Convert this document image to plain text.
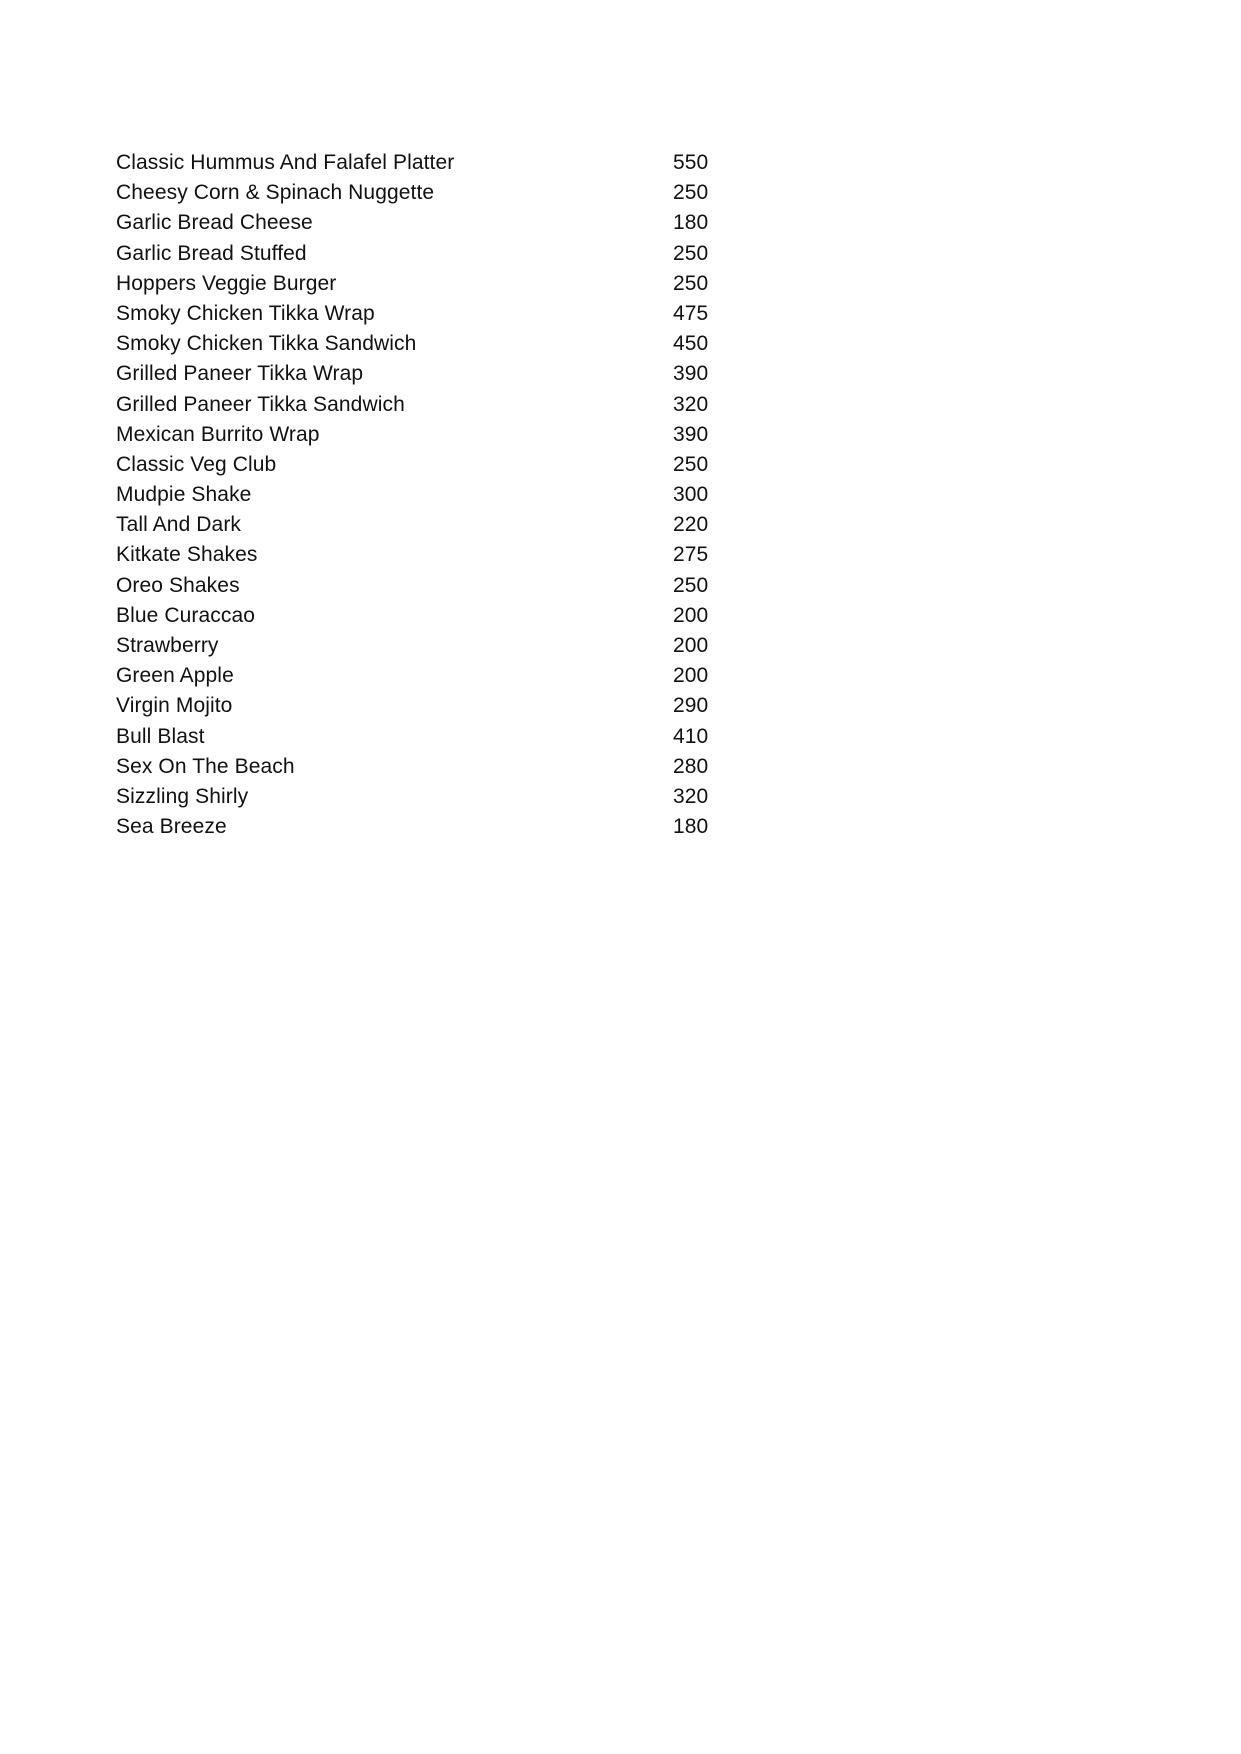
Classic Hummus And Falafel Platter	550
Cheesy Corn & Spinach Nuggette	250
Garlic Bread Cheese	180
Garlic Bread Stuffed	250
Hoppers Veggie Burger	250
Smoky Chicken Tikka Wrap	475
Smoky Chicken Tikka Sandwich	450
Grilled Paneer Tikka Wrap	390
Grilled Paneer Tikka Sandwich	320
Mexican Burrito Wrap	390
Classic Veg Club	250
Mudpie Shake	300
Tall And Dark	220
Kitkate Shakes	275
Oreo Shakes	250
Blue Curaccao	200
Strawberry	200
Green Apple	200
Virgin Mojito	290
Bull Blast	410
Sex On The Beach	280
Sizzling Shirly	320
Sea Breeze	180
